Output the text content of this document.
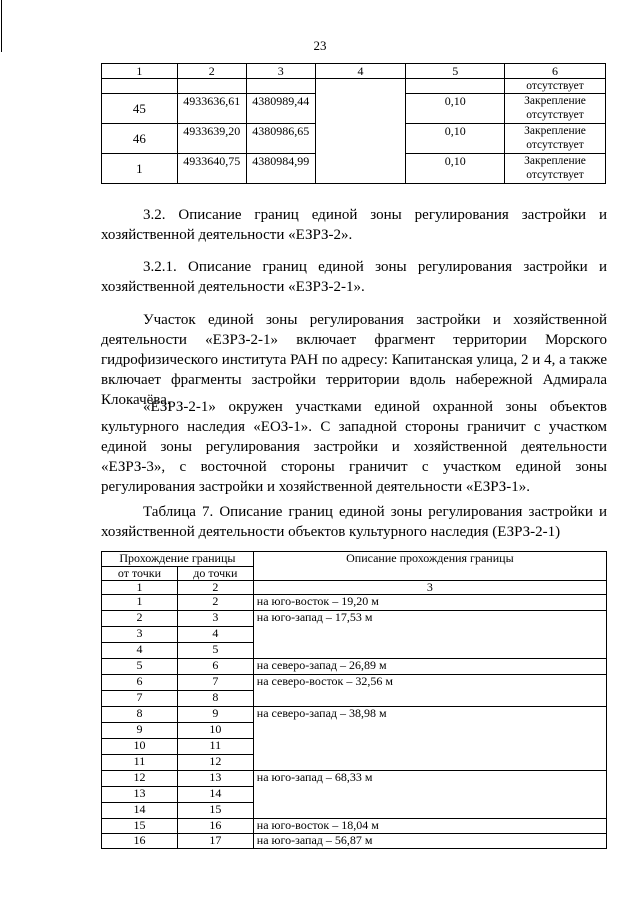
23
1	2	3	4	5	6
					отсутствует
45	4933636,61	4380989,44		0,10	Закрепление
отсутствует
46	4933639,20	4380986,65		0,10	Закрепление
отсутствует
1	4933640,75	4380984,99		0,10	Закрепление
отсутствует
3.2. Описание границ единой зоны регулирования застройки и хозяйственной деятельности «ЕЗРЗ-2».
3.2.1. Описание границ единой зоны регулирования застройки и хозяйственной деятельности «ЕЗРЗ-2-1».
Участок единой зоны регулирования застройки и хозяйственной деятельности «ЕЗРЗ-2-1» включает фрагмент территории Морского гидрофизического института РАН по адресу: Капитанская улица, 2 и 4, а также включает фрагменты застройки территории вдоль набережной Адмирала Клокачёва.
«ЕЗРЗ-2-1» окружен участками единой охранной зоны объектов культурного наследия «ЕОЗ-1». С западной стороны граничит с участком единой зоны регулирования застройки и хозяйственной деятельности «ЕЗРЗ-3», с восточной стороны граничит с участком единой зоны регулирования застройки и хозяйственной деятельности «ЕЗРЗ-1».
Таблица 7. Описание границ единой зоны регулирования застройки и хозяйственной деятельности объектов культурного наследия (ЕЗРЗ-2-1)
Прохождение границы		Описание прохождения границы
от точки	до точки	
1	2	3
1	2	на юго-восток – 19,20 м
2	3	на юго-запад – 17,53 м
3	4	
4	5	
5	6	на северо-запад – 26,89 м
6	7	на северо-восток – 32,56 м
7	8	
8	9	на северо-запад – 38,98 м
9	10	
10	11	
11	12	
12	13	на юго-запад – 68,33 м
13	14	
14	15	
15	16	на юго-восток – 18,04 м
16	17	на юго-запад – 56,87 м
